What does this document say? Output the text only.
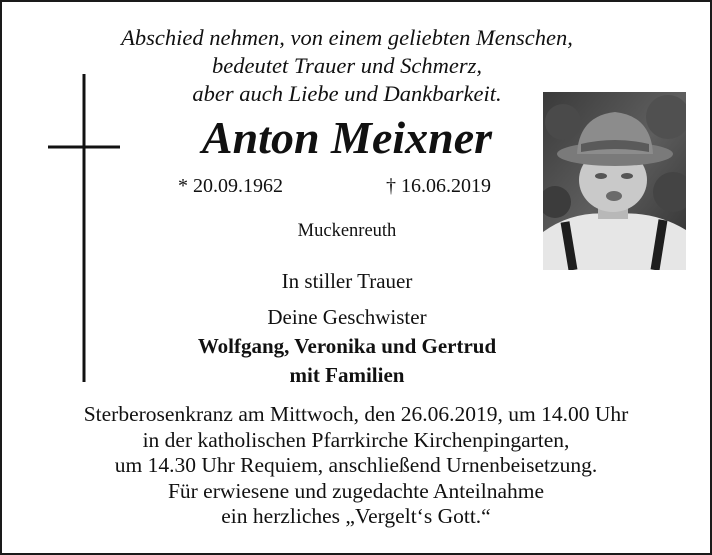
Abschied nehmen, von einem geliebten Menschen,
bedeutet Trauer und Schmerz,
aber auch Liebe und Dankbarkeit.
Anton Meixner
* 20.09.1962	† 16.06.2019
Muckenreuth
In stiller Trauer
Deine Geschwister
Wolfgang, Veronika und Gertrud
mit Familien
Sterberosenkranz am Mittwoch, den 26.06.2019, um 14.00 Uhr
in der katholischen Pfarrkirche Kirchenpingarten,
um 14.30 Uhr Requiem, anschließend Urnenbeisetzung.
Für erwiesene und zugedachte Anteilnahme
ein herzliches „Vergelt‘s Gott.“
